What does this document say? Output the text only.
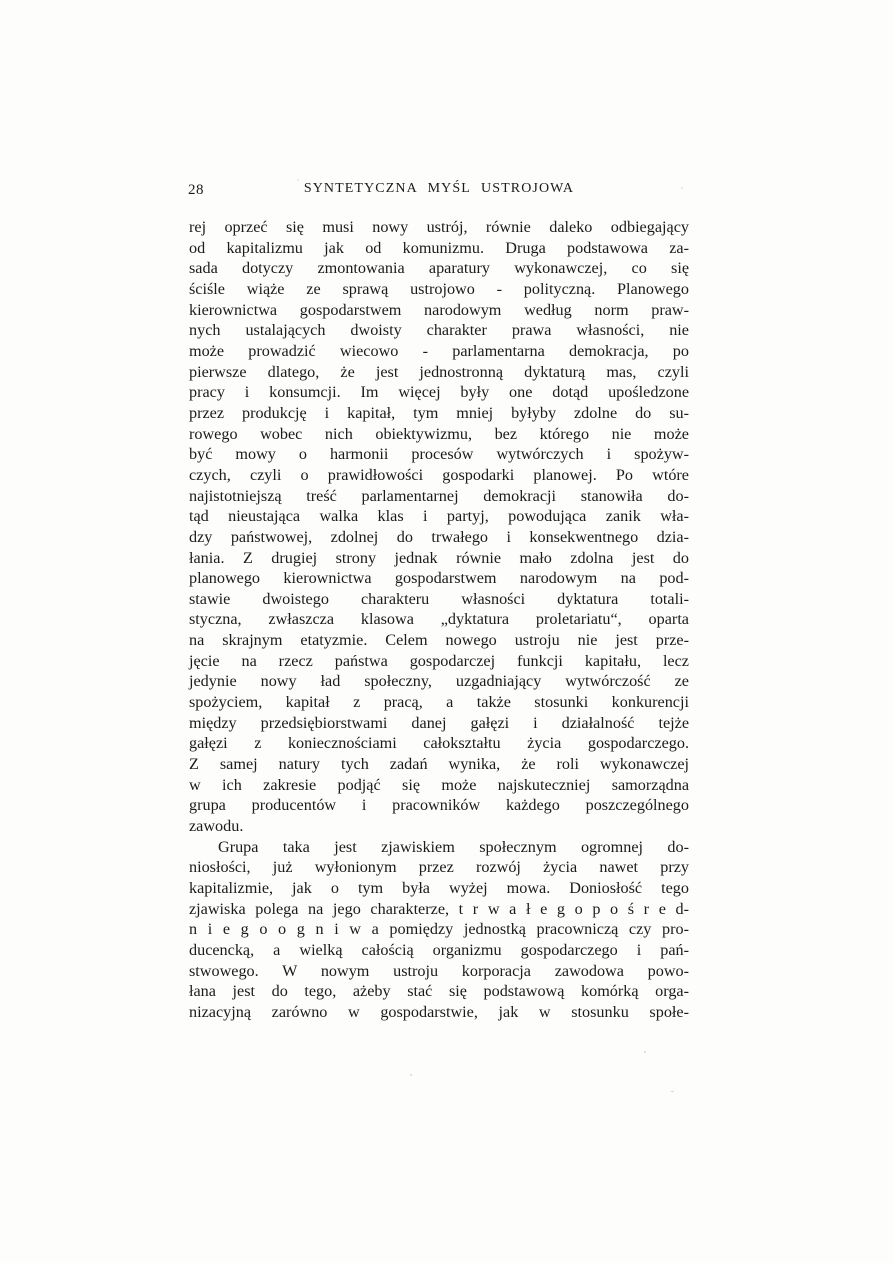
28	SYNTETYCZNA MYŚL USTROJOWA
rej oprzeć się musi nowy ustrój, równie daleko odbiegający
od kapitalizmu jak od komunizmu. Druga podstawowa za-
sada dotyczy zmontowania aparatury wykonawczej, co się
ściśle wiąże ze sprawą ustrojowo - polityczną. Planowego
kierownictwa gospodarstwem narodowym według norm praw-
nych ustalających dwoisty charakter prawa własności, nie
może prowadzić wiecowo - parlamentarna demokracja, po
pierwsze dlatego, że jest jednostronną dyktaturą mas, czyli
pracy i konsumcji. Im więcej były one dotąd upośledzone
przez produkcję i kapitał, tym mniej byłyby zdolne do su-
rowego wobec nich obiektywizmu, bez którego nie może
być mowy o harmonii procesów wytwórczych i spożyw-
czych, czyli o prawidłowości gospodarki planowej. Po wtóre
najistotniejszą treść parlamentarnej demokracji stanowiła do-
tąd nieustająca walka klas i partyj, powodująca zanik wła-
dzy państwowej, zdolnej do trwałego i konsekwentnego dzia-
łania. Z drugiej strony jednak równie mało zdolna jest do
planowego kierownictwa gospodarstwem narodowym na pod-
stawie dwoistego charakteru własności dyktatura totali-
styczna, zwłaszcza klasowa „dyktatura proletariatu“, oparta
na skrajnym etatyzmie. Celem nowego ustroju nie jest prze-
jęcie na rzecz państwa gospodarczej funkcji kapitału, lecz
jedynie nowy ład społeczny, uzgadniający wytwórczość ze
spożyciem, kapitał z pracą, a także stosunki konkurencji
między przedsiębiorstwami danej gałęzi i działalność tejże
gałęzi z koniecznościami całokształtu życia gospodarczego.
Z samej natury tych zadań wynika, że roli wykonawczej
w ich zakresie podjąć się może najskuteczniej samorządna
grupa producentów i pracowników każdego poszczególnego
zawodu.
Grupa taka jest zjawiskiem społecznym ogromnej do-
niosłości, już wyłonionym przez rozwój życia nawet przy
kapitalizmie, jak o tym była wyżej mowa. Doniosłość tego
zjawiska polega na jego charakterze, t r w a ł e g o p o ś r e d-
n i e g o o g n i w a pomiędzy jednostką pracowniczą czy pro-
ducencką, a wielką całością organizmu gospodarczego i pań-
stwowego. W nowym ustroju korporacja zawodowa powo-
łana jest do tego, ażeby stać się podstawową komórką orga-
nizacyjną zarówno w gospodarstwie, jak w stosunku społe-
